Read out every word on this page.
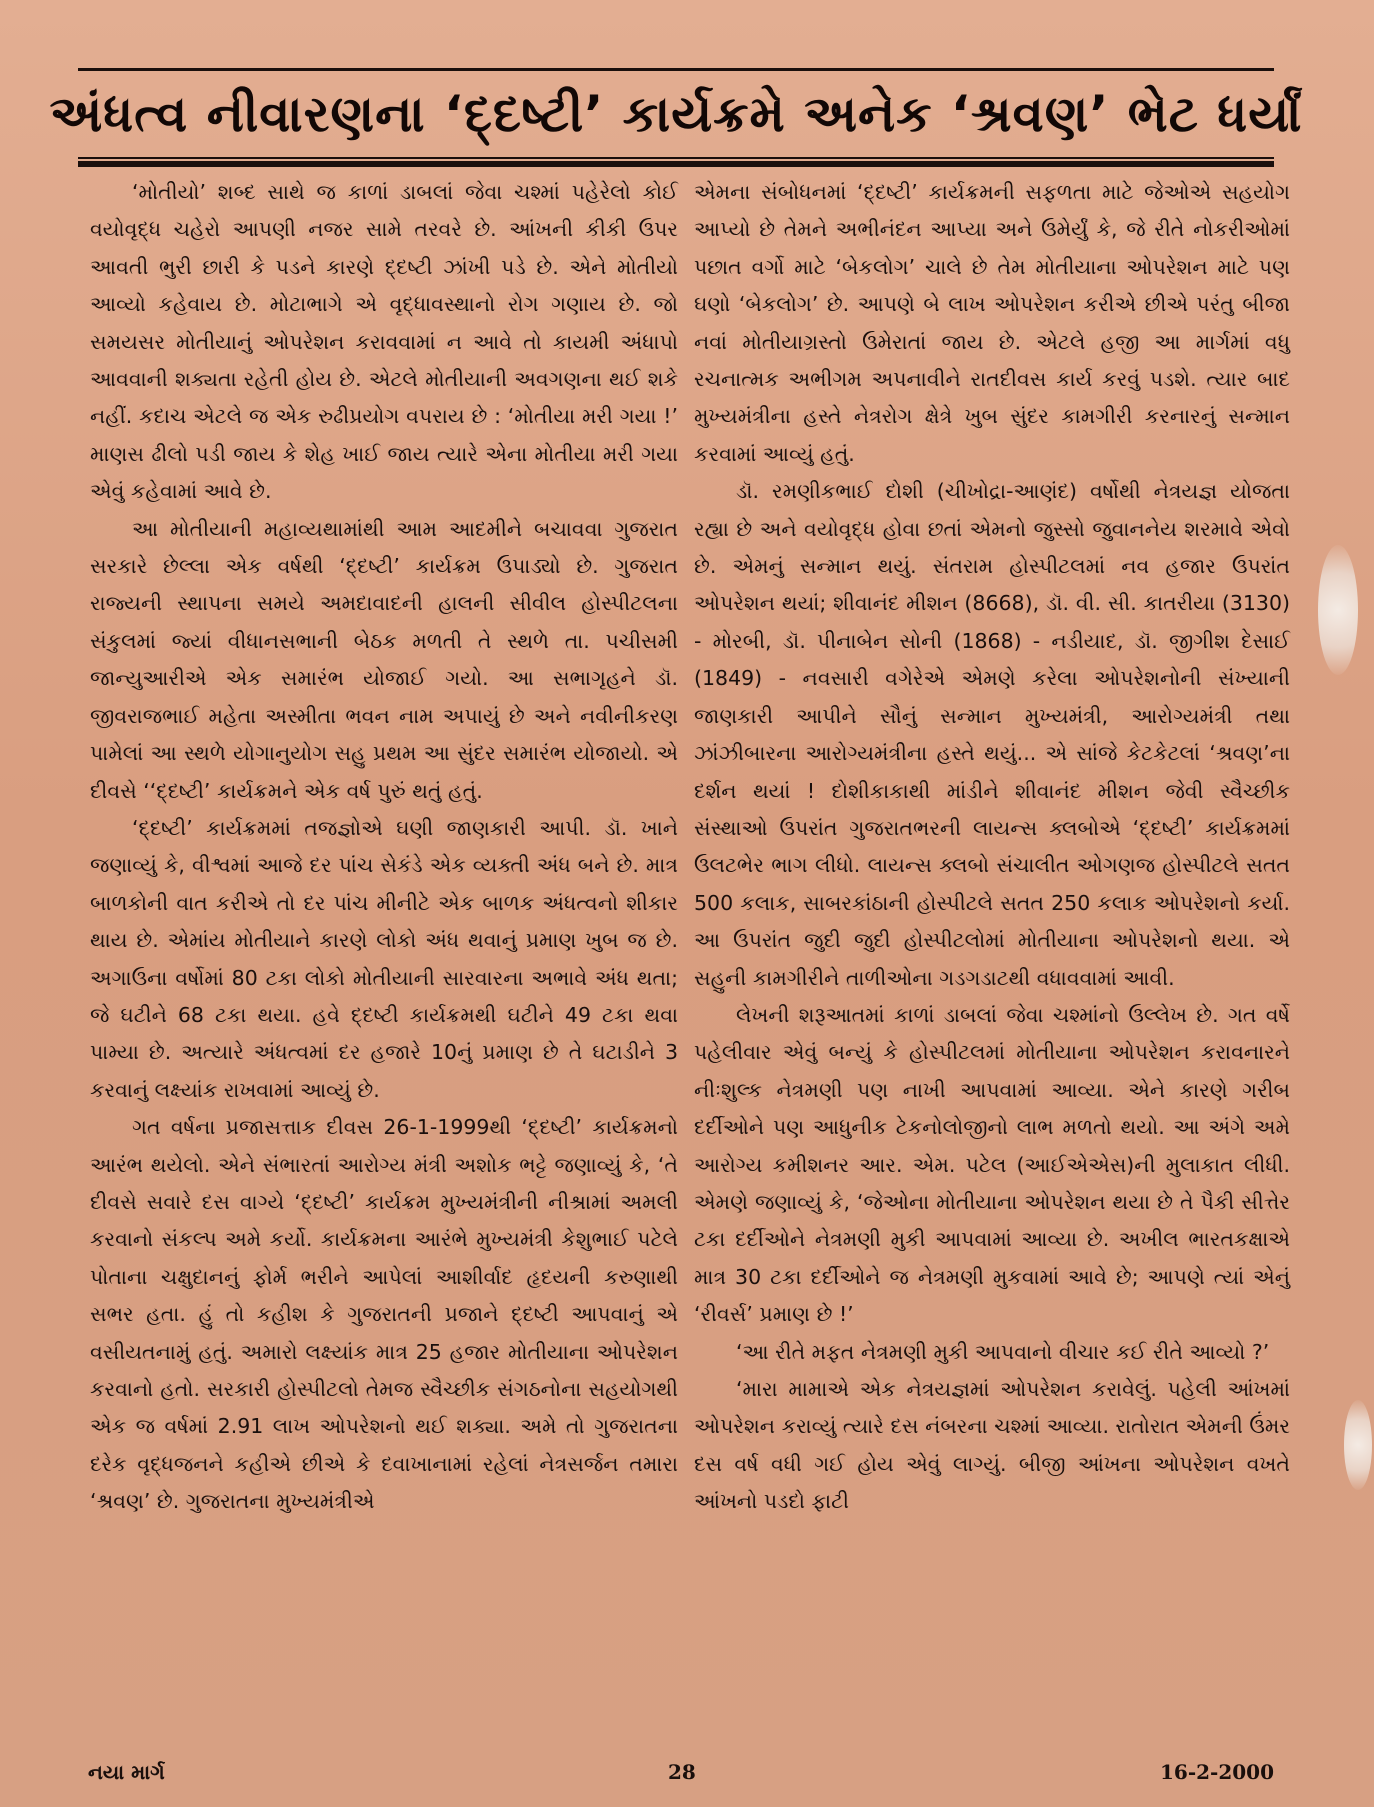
અંધત્વ નીવારણના ‘દ્દષ્ટી’ કાર્યક્રમે અનેક ‘શ્રવણ’ ભેટ ધર્યાં

‘મોતીયો’ શબ્દ સાથે જ કાળાં ડાબલાં જેવા ચશ્માં પહેરેલો કોઈ વયોવૃદ્ધ ચહેરો આપણી નજર સામે તરવરે છે. આંખની કીકી ઉપર આવતી ભુરી છારી કે પડને કારણે દ્દષ્ટી ઝાંખી પડે છે. એને મોતીયો આવ્યો કહેવાય છે. મોટાભાગે એ વૃદ્ધાવસ્થાનો રોગ ગણાય છે. જો સમયસર મોતીયાનું ઓપરેશન કરાવવામાં ન આવે તો કાયમી અંધાપો આવવાની શક્યતા રહેતી હોય છે. એટલે મોતીયાની અવગણના થઈ શકે નહીં. કદાચ એટલે જ એક રુઢીપ્રયોગ વપરાય છે : ‘મોતીયા મરી ગયા !’ માણસ ઢીલો પડી જાય કે શેહ ખાઈ જાય ત્યારે એના મોતીયા મરી ગયા એવું કહેવામાં આવે છે.

આ મોતીયાની મહાવ્યથામાંથી આમ આદમીને બચાવવા ગુજરાત સરકારે છેલ્લા એક વર્ષથી ‘દ્દષ્ટી’ કાર્યક્રમ ઉપાડ્યો છે. ગુજરાત રાજ્યની સ્થાપના સમયે અમદાવાદની હાલની સીવીલ હોસ્પીટલના સંકુલમાં જ્યાં વીધાનસભાની બેઠક મળતી તે સ્થળે તા. પચીસમી જાન્યુઆરીએ એક સમારંભ યોજાઈ ગયો. આ સભાગૃહને ડૉ. જીવરાજભાઈ મહેતા અસ્મીતા ભવન નામ અપાયું છે અને નવીનીકરણ પામેલાં આ સ્થળે યોગાનુયોગ સહુ પ્રથમ આ સુંદર સમારંભ યોજાયો. એ દીવસે ‘‘દ્દષ્ટી’ કાર્યક્રમને એક વર્ષ પુરું થતું હતું.

‘દ્દષ્ટી’ કાર્યક્રમમાં તજજ્ઞોએ ઘણી જાણકારી આપી. ડૉ. ખાને જણાવ્યું કે, વીશ્વમાં આજે દર પાંચ સેકંડે એક વ્યક્તી અંધ બને છે. માત્ર બાળકોની વાત કરીએ તો દર પાંચ મીનીટે એક બાળક અંધત્વનો શીકાર થાય છે. એમાંય મોતીયાને કારણે લોકો અંધ થવાનું પ્રમાણ ખુબ જ છે. અગાઉના વર્ષોમાં 80 ટકા લોકો મોતીયાની સારવારના અભાવે અંધ થતા; જે ઘટીને 68 ટકા થયા. હવે દ્દષ્ટી કાર્યક્રમથી ઘટીને 49 ટકા થવા પામ્યા છે. અત્યારે અંધત્વમાં દર હજારે 10નું પ્રમાણ છે તે ઘટાડીને 3 કરવાનું લક્ષ્યાંક રાખવામાં આવ્યું છે.

ગત વર્ષના પ્રજાસત્તાક દીવસ 26-1-1999થી ‘દ્દષ્ટી’ કાર્યક્રમનો આરંભ થયેલો. એને સંભારતાં આરોગ્ય મંત્રી અશોક ભટ્ટે જણાવ્યું કે, ‘તે દીવસે સવારે દસ વાગ્યે ‘દ્દષ્ટી’ કાર્યક્રમ મુખ્યમંત્રીની નીશ્રામાં અમલી કરવાનો સંકલ્પ અમે કર્યો. કાર્યક્રમના આરંભે મુખ્યમંત્રી કેશુભાઈ પટેલે પોતાના ચક્ષુદાનનું ફોર્મ ભરીને આપેલાં આશીર્વાદ હૃદયની કરુણાથી સભર હતા. હું તો કહીશ કે ગુજરાતની પ્રજાને દ્દષ્ટી આપવાનું એ વસીયતનામું હતું. અમારો લક્ષ્યાંક માત્ર 25 હજાર મોતીયાના ઓપરેશન કરવાનો હતો. સરકારી હોસ્પીટલો તેમજ સ્વૈચ્છીક સંગઠનોના સહયોગથી એક જ વર્ષમાં 2.91 લાખ ઓપરેશનો થઈ શક્યા. અમે તો ગુજરાતના દરેક વૃદ્ધજનને કહીએ છીએ કે દવાખાનામાં રહેલાં નેત્રસર્જન તમારા ‘શ્રવણ’ છે. ગુજરાતના મુખ્યમંત્રીએ

એમના સંબોધનમાં ‘દ્દષ્ટી’ કાર્યક્રમની સફળતા માટે જેઓએ સહયોગ આપ્યો છે તેમને અભીનંદન આપ્યા અને ઉમેર્યું કે, જે રીતે નોકરીઓમાં પછાત વર્ગો માટે ‘બેકલોગ’ ચાલે છે તેમ મોતીયાના ઓપરેશન માટે પણ ઘણો ‘બેકલોગ’ છે. આપણે બે લાખ ઓપરેશન કરીએ છીએ પરંતુ બીજા નવાં મોતીયાગ્રસ્તો ઉમેરાતાં જાય છે. એટલે હજી આ માર્ગમાં વધુ રચનાત્મક અભીગમ અપનાવીને રાતદીવસ કાર્ય કરવું પડશે. ત્યાર બાદ મુખ્યમંત્રીના હસ્તે નેત્રરોગ ક્ષેત્રે ખુબ સુંદર કામગીરી કરનારનું સન્માન કરવામાં આવ્યું હતું.

ડૉ. રમણીકભાઈ દોશી (ચીખોદ્રા-આણંદ) વર્ષોથી નેત્રયજ્ઞ યોજતા રહ્યા છે અને વયોવૃદ્ધ હોવા છતાં એમનો જુસ્સો જુવાનનેય શરમાવે એવો છે. એમનું સન્માન થયું. સંતરામ હોસ્પીટલમાં નવ હજાર ઉપરાંત ઓપરેશન થયાં; શીવાનંદ મીશન (8668), ડૉ. વી. સી. કાતરીયા (3130) - મોરબી, ડૉ. પીનાબેન સોની (1868) - નડીયાદ, ડૉ. જીગીશ દેસાઈ (1849) - નવસારી વગેરેએ એમણે કરેલા ઓપરેશનોની સંખ્યાની જાણકારી આપીને સૌનું સન્માન મુખ્યમંત્રી, આરોગ્યમંત્રી તથા ઝાંઝીબારના આરોગ્યમંત્રીના હસ્તે થયું... એ સાંજે કેટકેટલાં ‘શ્રવણ’ના દર્શન થયાં ! દોશીકાકાથી માંડીને શીવાનંદ મીશન જેવી સ્વૈચ્છીક સંસ્થાઓ ઉપરાંત ગુજરાતભરની લાયન્સ ક્લબોએ ‘દ્દષ્ટી’ કાર્યક્રમમાં ઉલટભેર ભાગ લીધો. લાયન્સ ક્લબો સંચાલીત ઓગણજ હોસ્પીટલે સતત 500 કલાક, સાબરકાંઠાની હોસ્પીટલે સતત 250 કલાક ઓપરેશનો કર્યા. આ ઉપરાંત જુદી જુદી હોસ્પીટલોમાં મોતીયાના ઓપરેશનો થયા. એ સહુની કામગીરીને તાળીઓના ગડગડાટથી વધાવવામાં આવી.

લેખની શરૂઆતમાં કાળાં ડાબલાં જેવા ચશ્માંનો ઉલ્લેખ છે. ગત વર્ષે પહેલીવાર એવું બન્યું કે હોસ્પીટલમાં મોતીયાના ઓપરેશન કરાવનારને નીઃશુલ્ક નેત્રમણી પણ નાખી આપવામાં આવ્યા. એને કારણે ગરીબ દર્દીઓને પણ આધુનીક ટેકનોલોજીનો લાભ મળતો થયો. આ અંગે અમે આરોગ્ય કમીશનર આર. એમ. પટેલ (આઈએએસ)ની મુલાકાત લીધી. એમણે જણાવ્યું કે, ‘જેઓના મોતીયાના ઓપરેશન થયા છે તે પૈકી સીત્તેર ટકા દર્દીઓને નેત્રમણી મુકી આપવામાં આવ્યા છે. અખીલ ભારતકક્ષાએ માત્ર 30 ટકા દર્દીઓને જ નેત્રમણી મુકવામાં આવે છે; આપણે ત્યાં એનું ‘રીવર્સ’ પ્રમાણ છે !’

‘આ રીતે મફત નેત્રમણી મુકી આપવાનો વીચાર કઈ રીતે આવ્યો ?’

‘મારા મામાએ એક નેત્રયજ્ઞમાં ઓપરેશન કરાવેલું. પહેલી આંખમાં ઓપરેશન કરાવ્યું ત્યારે દસ નંબરના ચશ્માં આવ્યા. રાતોરાત એમની ઉંમર દસ વર્ષ વધી ગઈ હોય એવું લાગ્યું. બીજી આંખના ઓપરેશન વખતે આંખનો પડદો ફાટી

નયા માર્ગ	28	16-2-2000
